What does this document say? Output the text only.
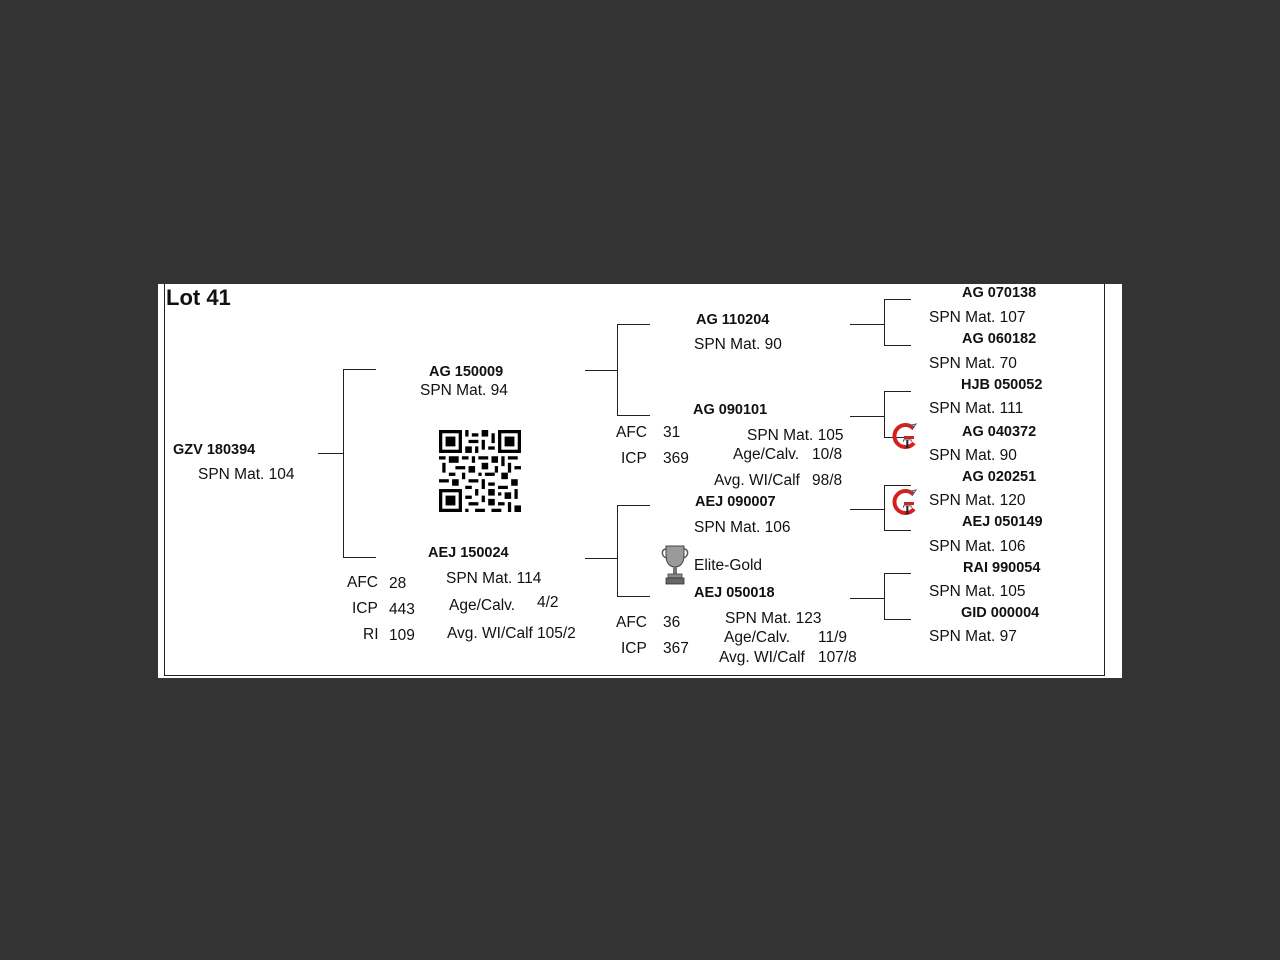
Lot 41
GZV 180394
SPN Mat. 104
AG 150009
SPN Mat. 94
AEJ 150024
AFC 28
ICP 443
RI 109
SPN Mat. 114
Age/Calv. 4/2
Avg. WI/Calf 105/2
AG 110204
SPN Mat. 90
AG 090101
AFC 31
ICP 369
SPN Mat. 105
Age/Calv. 10/8
Avg. WI/Calf 98/8
AEJ 090007
SPN Mat. 106
Elite-Gold
AEJ 050018
AFC 36
ICP 367
SPN Mat. 123
Age/Calv. 11/9
Avg. WI/Calf 107/8
T
T
AG 070138
SPN Mat. 107
AG 060182
SPN Mat. 70
HJB 050052
SPN Mat. 111
AG 040372
SPN Mat. 90
AG 020251
SPN Mat. 120
AEJ 050149
SPN Mat. 106
RAI 990054
SPN Mat. 105
GID 000004
SPN Mat. 97
